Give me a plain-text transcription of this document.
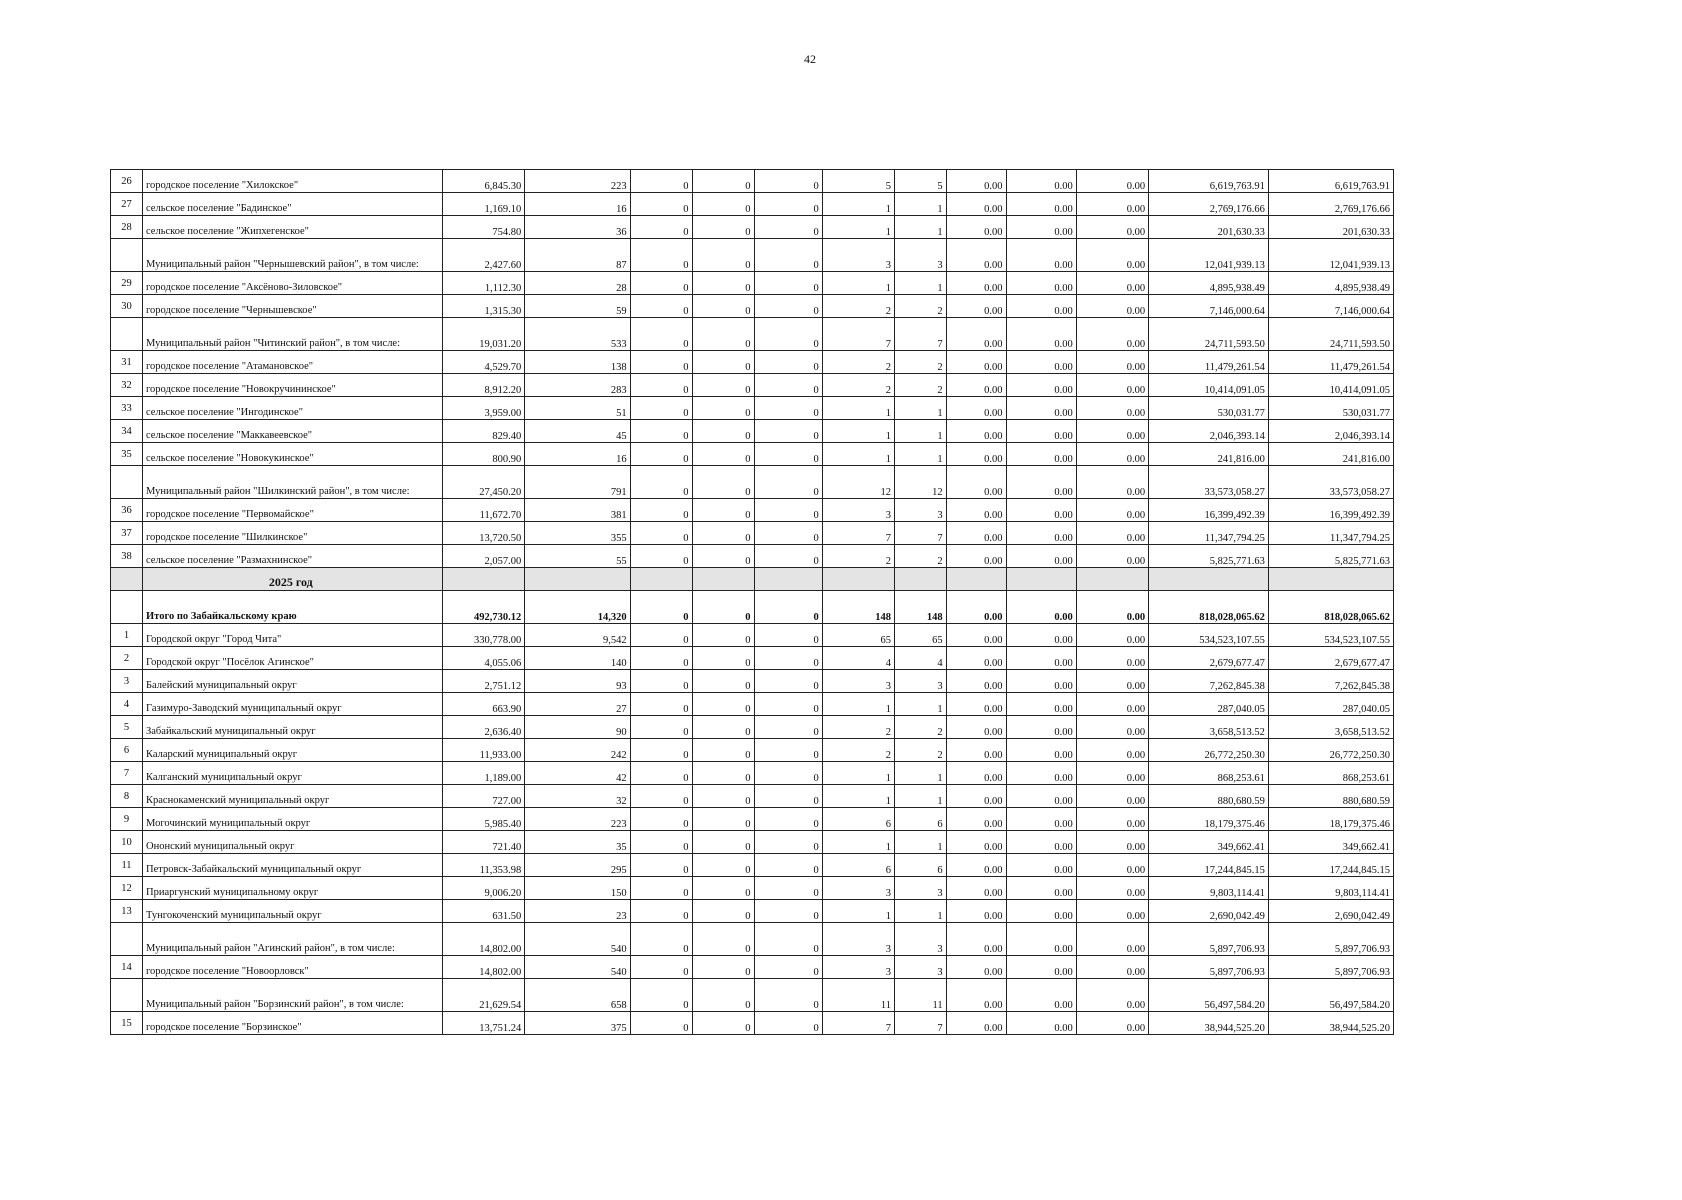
42
26	городское поселение "Хилокское"	6,845.30	223	0	0	0	5	5	0.00	0.00	0.00	6,619,763.91	6,619,763.91
27	сельское поселение "Бадинское"	1,169.10	16	0	0	0	1	1	0.00	0.00	0.00	2,769,176.66	2,769,176.66
28	сельское поселение "Жипхегенское"	754.80	36	0	0	0	1	1	0.00	0.00	0.00	201,630.33	201,630.33
	Муниципальный район "Чернышевский район", в том числе:	2,427.60	87	0	0	0	3	3	0.00	0.00	0.00	12,041,939.13	12,041,939.13
29	городское поселение "Аксёново-Зиловское"	1,112.30	28	0	0	0	1	1	0.00	0.00	0.00	4,895,938.49	4,895,938.49
30	городское поселение "Чернышевское"	1,315.30	59	0	0	0	2	2	0.00	0.00	0.00	7,146,000.64	7,146,000.64
	Муниципальный район "Читинский район", в том числе:	19,031.20	533	0	0	0	7	7	0.00	0.00	0.00	24,711,593.50	24,711,593.50
31	городское поселение "Атамановское"	4,529.70	138	0	0	0	2	2	0.00	0.00	0.00	11,479,261.54	11,479,261.54
32	городское поселение "Новокручининское"	8,912.20	283	0	0	0	2	2	0.00	0.00	0.00	10,414,091.05	10,414,091.05
33	сельское поселение "Ингодинское"	3,959.00	51	0	0	0	1	1	0.00	0.00	0.00	530,031.77	530,031.77
34	сельское поселение "Маккавеевское"	829.40	45	0	0	0	1	1	0.00	0.00	0.00	2,046,393.14	2,046,393.14
35	сельское поселение "Новокукинское"	800.90	16	0	0	0	1	1	0.00	0.00	0.00	241,816.00	241,816.00
	Муниципальный район "Шилкинский район", в том числе:	27,450.20	791	0	0	0	12	12	0.00	0.00	0.00	33,573,058.27	33,573,058.27
36	городское поселение "Первомайское"	11,672.70	381	0	0	0	3	3	0.00	0.00	0.00	16,399,492.39	16,399,492.39
37	городское поселение "Шилкинское"	13,720.50	355	0	0	0	7	7	0.00	0.00	0.00	11,347,794.25	11,347,794.25
38	сельское поселение "Размахнинское"	2,057.00	55	0	0	0	2	2	0.00	0.00	0.00	5,825,771.63	5,825,771.63
	2025 год												
	Итого по Забайкальскому краю	492,730.12	14,320	0	0	0	148	148	0.00	0.00	0.00	818,028,065.62	818,028,065.62
1	Городской округ "Город Чита"	330,778.00	9,542	0	0	0	65	65	0.00	0.00	0.00	534,523,107.55	534,523,107.55
2	Городской округ "Посёлок Агинское"	4,055.06	140	0	0	0	4	4	0.00	0.00	0.00	2,679,677.47	2,679,677.47
3	Балейский муниципальный округ	2,751.12	93	0	0	0	3	3	0.00	0.00	0.00	7,262,845.38	7,262,845.38
4	Газимуро-Заводский муниципальный округ	663.90	27	0	0	0	1	1	0.00	0.00	0.00	287,040.05	287,040.05
5	Забайкальский муниципальный округ	2,636.40	90	0	0	0	2	2	0.00	0.00	0.00	3,658,513.52	3,658,513.52
6	Каларский муниципальный округ	11,933.00	242	0	0	0	2	2	0.00	0.00	0.00	26,772,250.30	26,772,250.30
7	Калганский муниципальный округ	1,189.00	42	0	0	0	1	1	0.00	0.00	0.00	868,253.61	868,253.61
8	Краснокаменский муниципальный округ	727.00	32	0	0	0	1	1	0.00	0.00	0.00	880,680.59	880,680.59
9	Могочинский муниципальный округ	5,985.40	223	0	0	0	6	6	0.00	0.00	0.00	18,179,375.46	18,179,375.46
10	Ононский муниципальный округ	721.40	35	0	0	0	1	1	0.00	0.00	0.00	349,662.41	349,662.41
11	Петровск-Забайкальский муниципальный округ	11,353.98	295	0	0	0	6	6	0.00	0.00	0.00	17,244,845.15	17,244,845.15
12	Приаргунский муниципальному округ	9,006.20	150	0	0	0	3	3	0.00	0.00	0.00	9,803,114.41	9,803,114.41
13	Тунгокоченский муниципальный округ	631.50	23	0	0	0	1	1	0.00	0.00	0.00	2,690,042.49	2,690,042.49
	Муниципальный район "Агинский район", в том числе:	14,802.00	540	0	0	0	3	3	0.00	0.00	0.00	5,897,706.93	5,897,706.93
14	городское поселение "Новоорловск"	14,802.00	540	0	0	0	3	3	0.00	0.00	0.00	5,897,706.93	5,897,706.93
	Муниципальный район "Борзинский район", в том числе:	21,629.54	658	0	0	0	11	11	0.00	0.00	0.00	56,497,584.20	56,497,584.20
15	городское поселение "Борзинское"	13,751.24	375	0	0	0	7	7	0.00	0.00	0.00	38,944,525.20	38,944,525.20
